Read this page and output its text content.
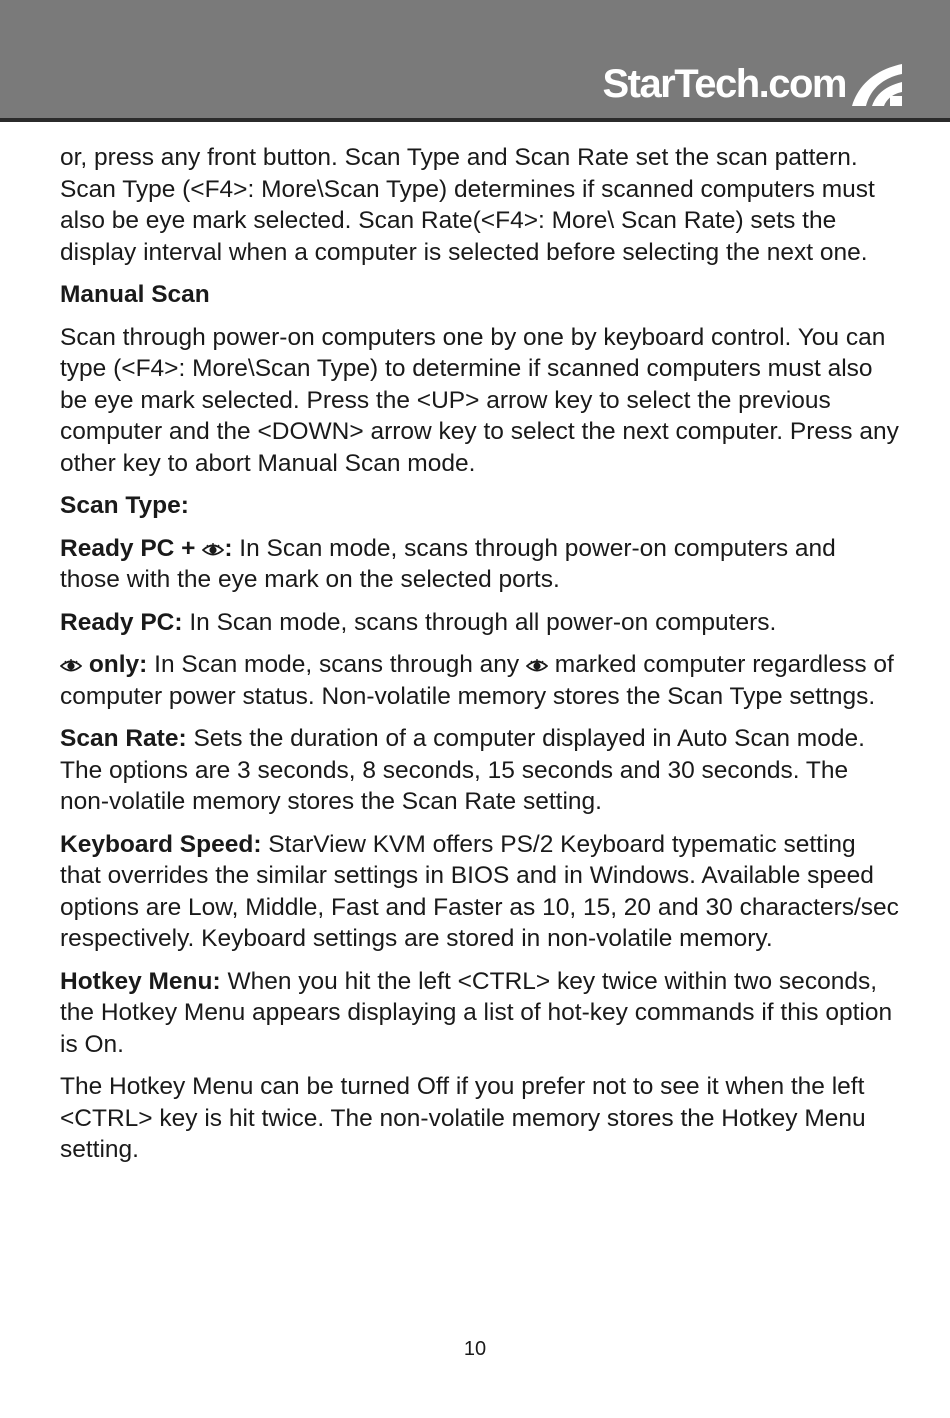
StarTech.com

or, press any front button. Scan Type and Scan Rate set the scan pattern. Scan Type (<F4>: More\Scan Type) determines if scanned computers must also be eye mark selected. Scan Rate(<F4>: More\ Scan Rate) sets the display interval when a computer is selected before selecting the next one.

Manual Scan

Scan through power-on computers one by one by keyboard control. You can type (<F4>: More\Scan Type) to determine if scanned computers must also be eye mark selected. Press the <UP> arrow key to select the previous computer and the <DOWN> arrow key to select the next computer. Press any other key to abort Manual Scan mode.

Scan Type:

Ready PC + : In Scan mode, scans through power-on computers and those with the eye mark on the selected ports.

Ready PC: In Scan mode, scans through all power-on computers.

only: In Scan mode, scans through any  marked computer regardless of computer power status. Non-volatile memory stores the Scan Type settngs.

Scan Rate: Sets the duration of a computer displayed in Auto Scan mode. The options are 3 seconds, 8 seconds, 15 seconds and 30 seconds. The non-volatile memory stores the Scan Rate setting.

Keyboard Speed: StarView KVM offers PS/2 Keyboard typematic setting that overrides the similar settings in BIOS and in Windows. Available speed options are Low, Middle, Fast and Faster as 10, 15, 20 and 30 characters/sec respectively. Keyboard settings are stored in non-volatile memory.

Hotkey Menu: When you hit the left <CTRL> key twice within two seconds, the Hotkey Menu appears displaying a list of hot-key commands if this option is On.

The Hotkey Menu can be turned Off if you prefer not to see it when the left <CTRL> key is hit twice. The non-volatile memory stores the Hotkey Menu setting.

10
